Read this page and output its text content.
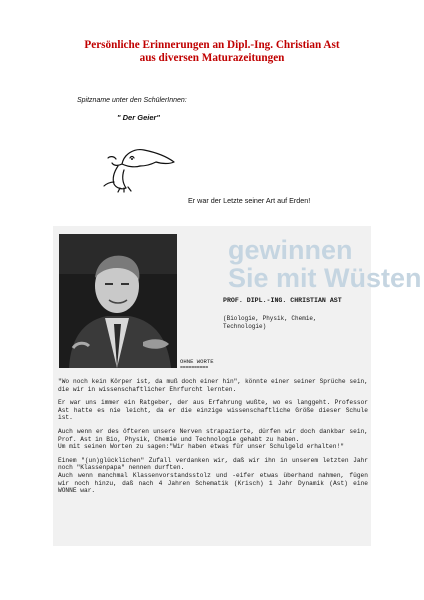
Persönliche Erinnerungen an Dipl.-Ing. Christian Ast
aus diversen Maturazeitungen
Spitzname unter den SchülerInnen:
" Der Geier"
Er war der Letzte seiner Art auf Erden!
gewinnen
Sie mit Wüsten
PROF. DIPL.-ING. CHRISTIAN AST
(Biologie, Physik, Chemie, Technologie)
OHNE WORTE
==========

"Wo noch kein Körper ist, da muß doch einer hin", könnte einer seiner Sprüche sein, die wir in wissenschaftlicher Ehrfurcht lernten.

Er war uns immer ein Ratgeber, der aus Erfahrung wußte, wo es langgeht. Professor Ast hatte es nie leicht, da er die einzige wissenschaftliche Größe dieser Schule ist.

Auch wenn er des öfteren unsere Nerven strapazierte, dürfen wir doch dankbar sein, Prof. Ast in Bio, Physik, Chemie und Technologie gehabt zu haben.

Um mit seinen Worten zu sagen:"Wir haben etwas für unser Schulgeld erhalten!"

Einem "(un)glücklichen" Zufall verdanken wir, daß wir ihn in unserem letzten Jahr noch "Klassenpapa" nennen durften.

Auch wenn manchmal Klassenvorstandsstolz und -eifer etwas überhand nahmen, fügen wir noch hinzu, daß nach 4 Jahren Schematik (Krisch) 1 Jahr Dynamik (Ast) eine WONNE war.
